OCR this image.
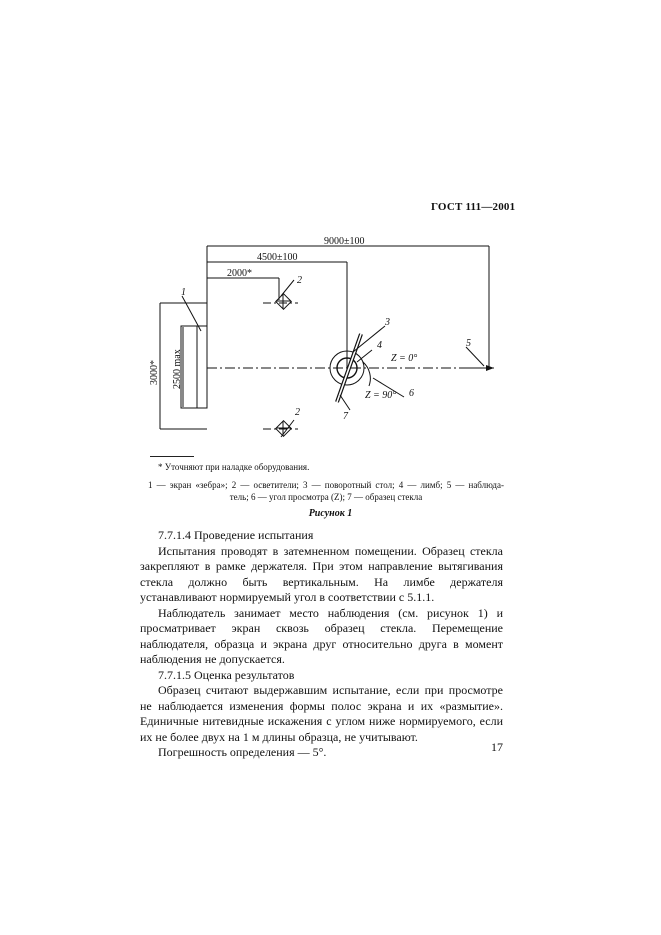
ГОСТ 111—2001
9000±100
4500±100
2000*
3000* 2500 max
1
2
2
3
4	5
6
7
Z = 0°
Z = 90°
* Уточняют при наладке оборудования.
1 — экран «зебра»; 2 — осветители; 3 — поворотный стол; 4 — лимб; 5 — наблюда-
тель; 6 — угол просмотра (Z); 7 — образец стекла
Рисунок 1

7.7.1.4 Проведение испытания

Испытания проводят в затемненном помещении. Образец стекла закрепляют в рамке держателя. При этом направление вытягивания стекла должно быть вертикальным. На лимбе держателя устанавливают нормируемый угол в соответствии с 5.1.1.

Наблюдатель занимает место наблюдения (см. рисунок 1) и просматривает экран сквозь образец стекла. Перемещение наблюдателя, образца и экрана друг относительно друга в момент наблюдения не допускается.

7.7.1.5 Оценка результатов

Образец считают выдержавшим испытание, если при просмотре не наблюдается изменения формы полос экрана и их «размытие». Единичные нитевидные искажения с углом ниже нормируемого, если их не более двух на 1 м длины образца, не учитывают.

Погрешность определения — 5°.	17
